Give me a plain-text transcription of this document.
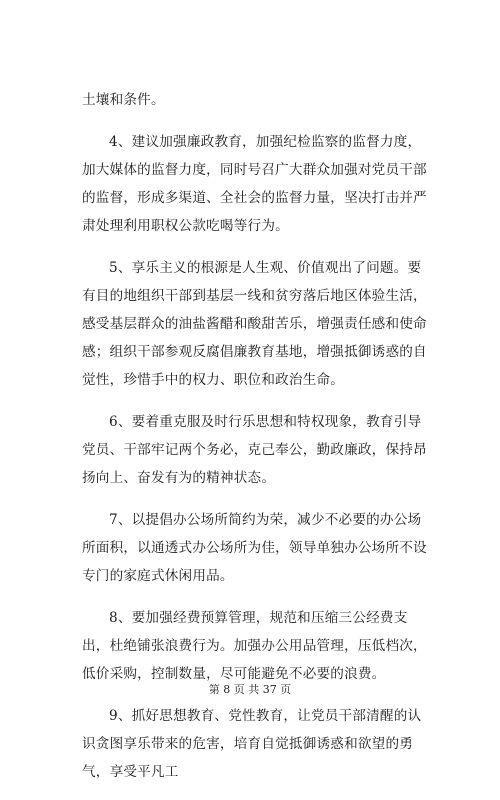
土壤和条件。

4、建议加强廉政教育，加强纪检监察的监督力度，加大媒体的监督力度，同时号召广大群众加强对党员干部的监督，形成多渠道、全社会的监督力量，坚决打击并严肃处理利用职权公款吃喝等行为。

5、享乐主义的根源是人生观、价值观出了问题。要有目的地组织干部到基层一线和贫穷落后地区体验生活，感受基层群众的油盐酱醋和酸甜苦乐，增强责任感和使命感；组织干部参观反腐倡廉教育基地，增强抵御诱惑的自觉性，珍惜手中的权力、职位和政治生命。

6、要着重克服及时行乐思想和特权现象，教育引导党员、干部牢记两个务必，克己奉公，勤政廉政，保持昂扬向上、奋发有为的精神状态。

7、以提倡办公场所简约为荣，减少不必要的办公场所面积，以通透式办公场所为佳，领导单独办公场所不设专门的家庭式休闲用品。

8、要加强经费预算管理，规范和压缩三公经费支出，杜绝铺张浪费行为。加强办公用品管理，压低档次，低价采购，控制数量，尽可能避免不必要的浪费。

9、抓好思想教育、党性教育，让党员干部清醒的认识贪图享乐带来的危害，培育自觉抵御诱惑和欲望的勇气，享受平凡工

第 8 页 共 37 页
